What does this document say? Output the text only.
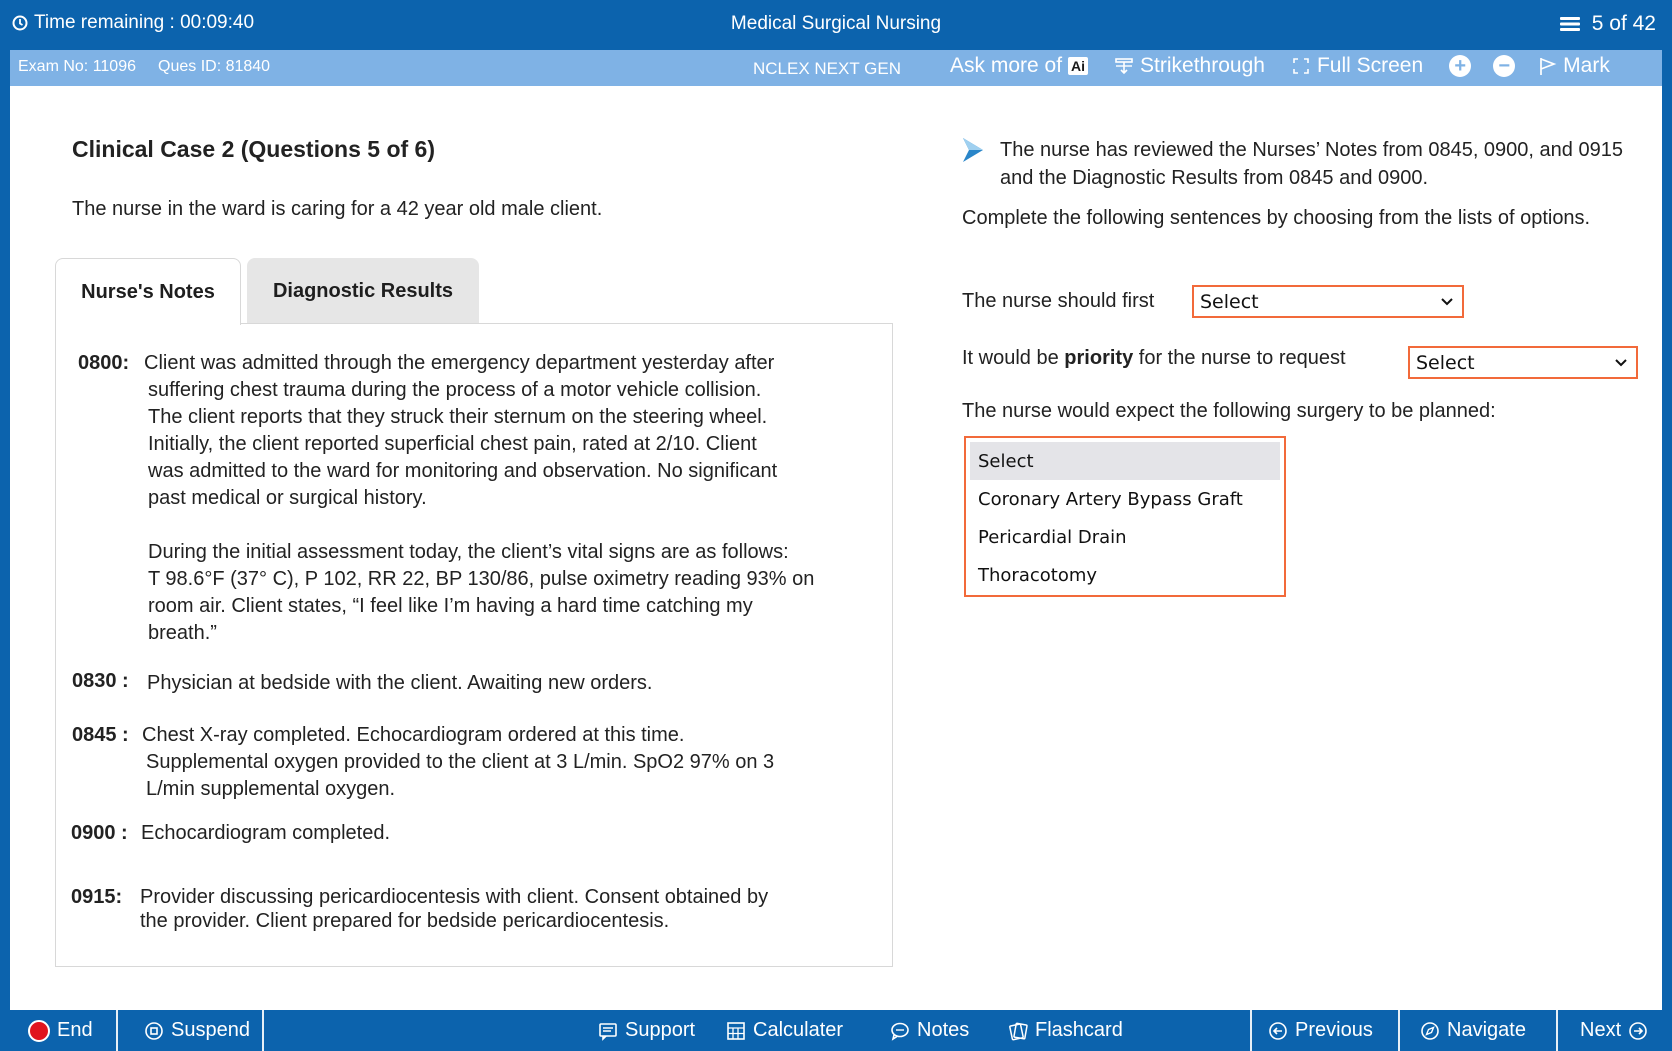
Time remaining : 00:09:40	Medical Surgical Nursing	5 of 42
Exam No: 11096 Ques ID: 81840	NCLEX NEXT GEN Ask more of Ai	Strikethrough Full Screen + −	Mark
Clinical Case 2 (Questions 5 of 6)
The nurse in the ward is caring for a 42 year old male client.
Nurse's Notes	Diagnostic Results
0800: Client was admitted through the emergency department yesterday after
suffering chest trauma during the process of a motor vehicle collision.
The client reports that they struck their sternum on the steering wheel.
Initially, the client reported superficial chest pain, rated at 2/10. Client
was admitted to the ward for monitoring and observation. No significant
past medical or surgical history.
During the initial assessment today, the client’s vital signs are as follows:
T 98.6°F (37° C), P 102, RR 22, BP 130/86, pulse oximetry reading 93% on
room air. Client states, “I feel like I’m having a hard time catching my
breath.”
0830 : Physician at bedside with the client. Awaiting new orders.
0845 : Chest X-ray completed. Echocardiogram ordered at this time.
Supplemental oxygen provided to the client at 3 L/min. SpO2 97% on 3
L/min supplemental oxygen.
0900 : Echocardiogram completed.
0915: Provider discussing pericardiocentesis with client. Consent obtained by
the provider. Client prepared for bedside pericardiocentesis.
The nurse has reviewed the Nurses’ Notes from 0845, 0900, and 0915 and the Diagnostic Results from 0845 and 0900.
Complete the following sentences by choosing from the lists of options.
The nurse should first Select
It would be priority for the nurse to request	Select
The nurse would expect the following surgery to be planned:
Select
Coronary Artery Bypass Graft
Pericardial Drain
Thoracotomy
End	Suspend	Support	Calculater	Notes	Flashcard	Previous	Navigate	Next
